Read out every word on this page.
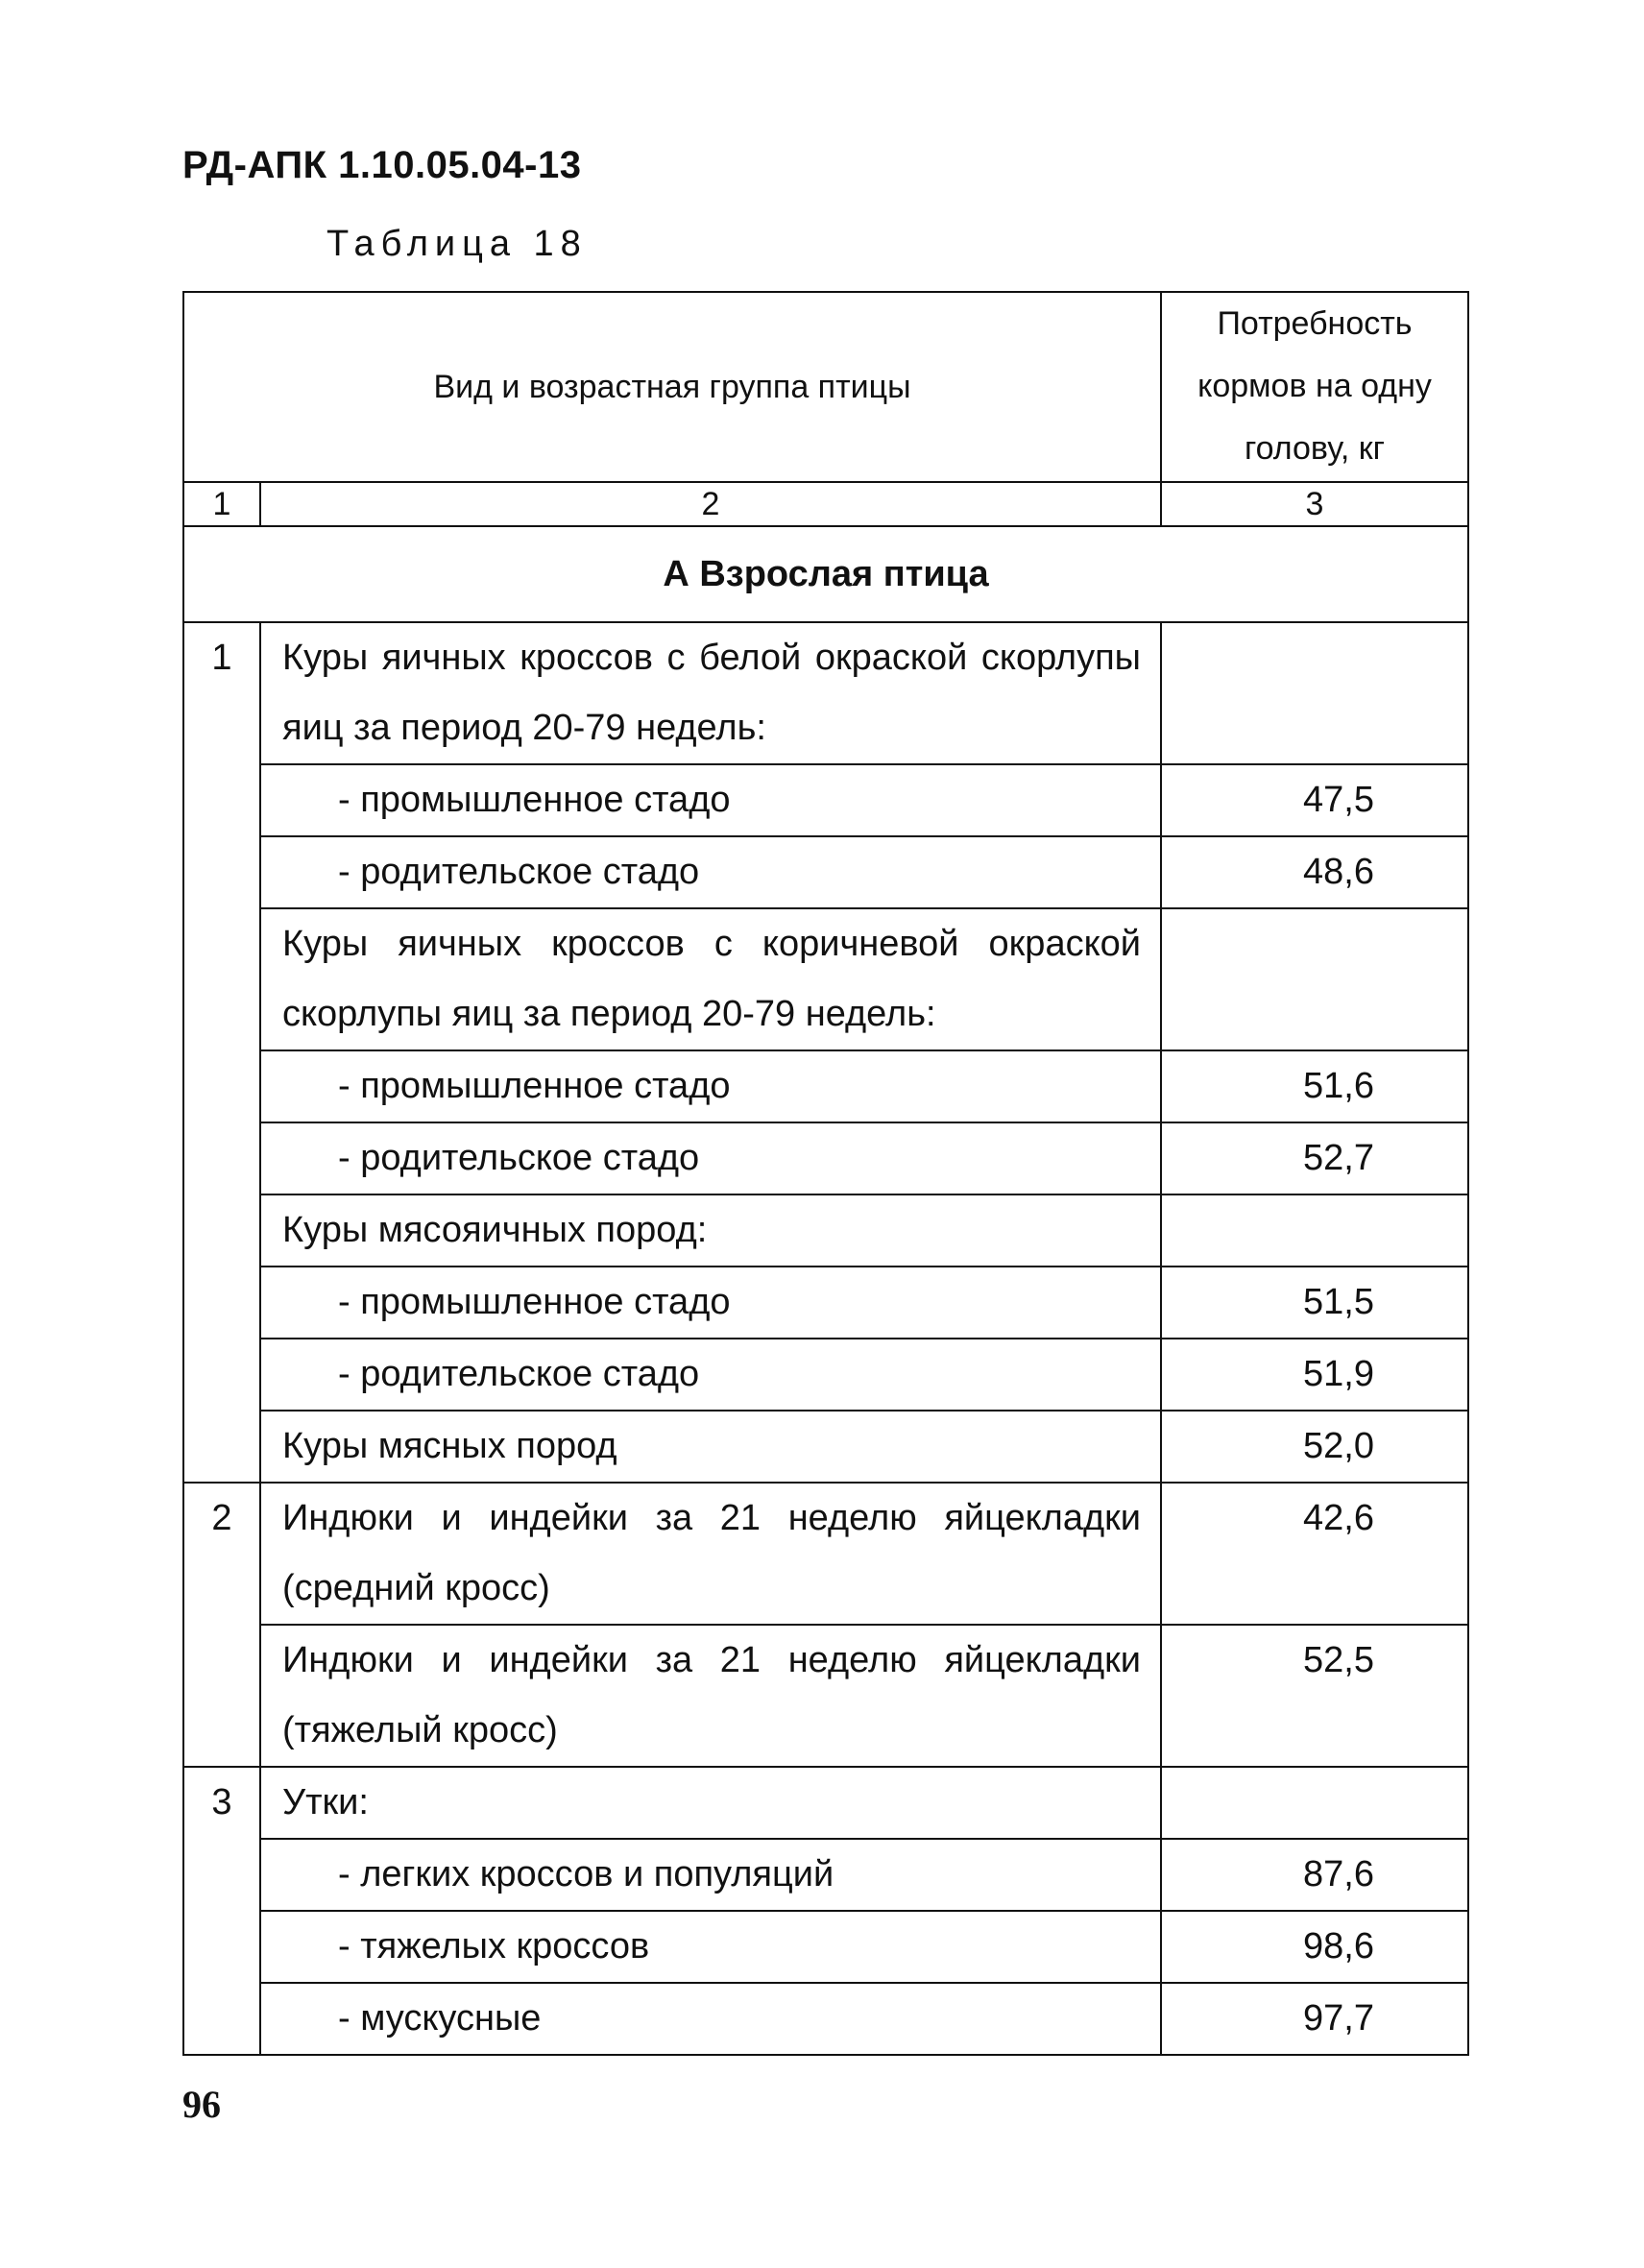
РД-АПК 1.10.05.04-13
Таблица 18
Вид и возрастная группа птицы		Потребность
кормов на одну
голову, кг

1	2	3
А Взрослая птица		
1	Куры яичных кроссов с белой окраской скорлупы яиц за период 20-79 недель:	
	- промышленное стадо	47,5
	- родительское стадо	48,6
	Куры яичных кроссов с коричневой окраской скорлупы яиц за период 20-79 недель:	
	- промышленное стадо	51,6
	- родительское стадо	52,7
	Куры мясояичных пород:	
	- промышленное стадо	51,5
	- родительское стадо	51,9
	Куры мясных пород	52,0
2	Индюки и индейки за 21 неделю яйцекладки (средний кросс)	42,6
	Индюки и индейки за 21 неделю яйцекладки (тяжелый кросс)	52,5
3	Утки:	
	- легких кроссов и популяций	87,6
	- тяжелых кроссов	98,6
	- мускусные	97,7
96
